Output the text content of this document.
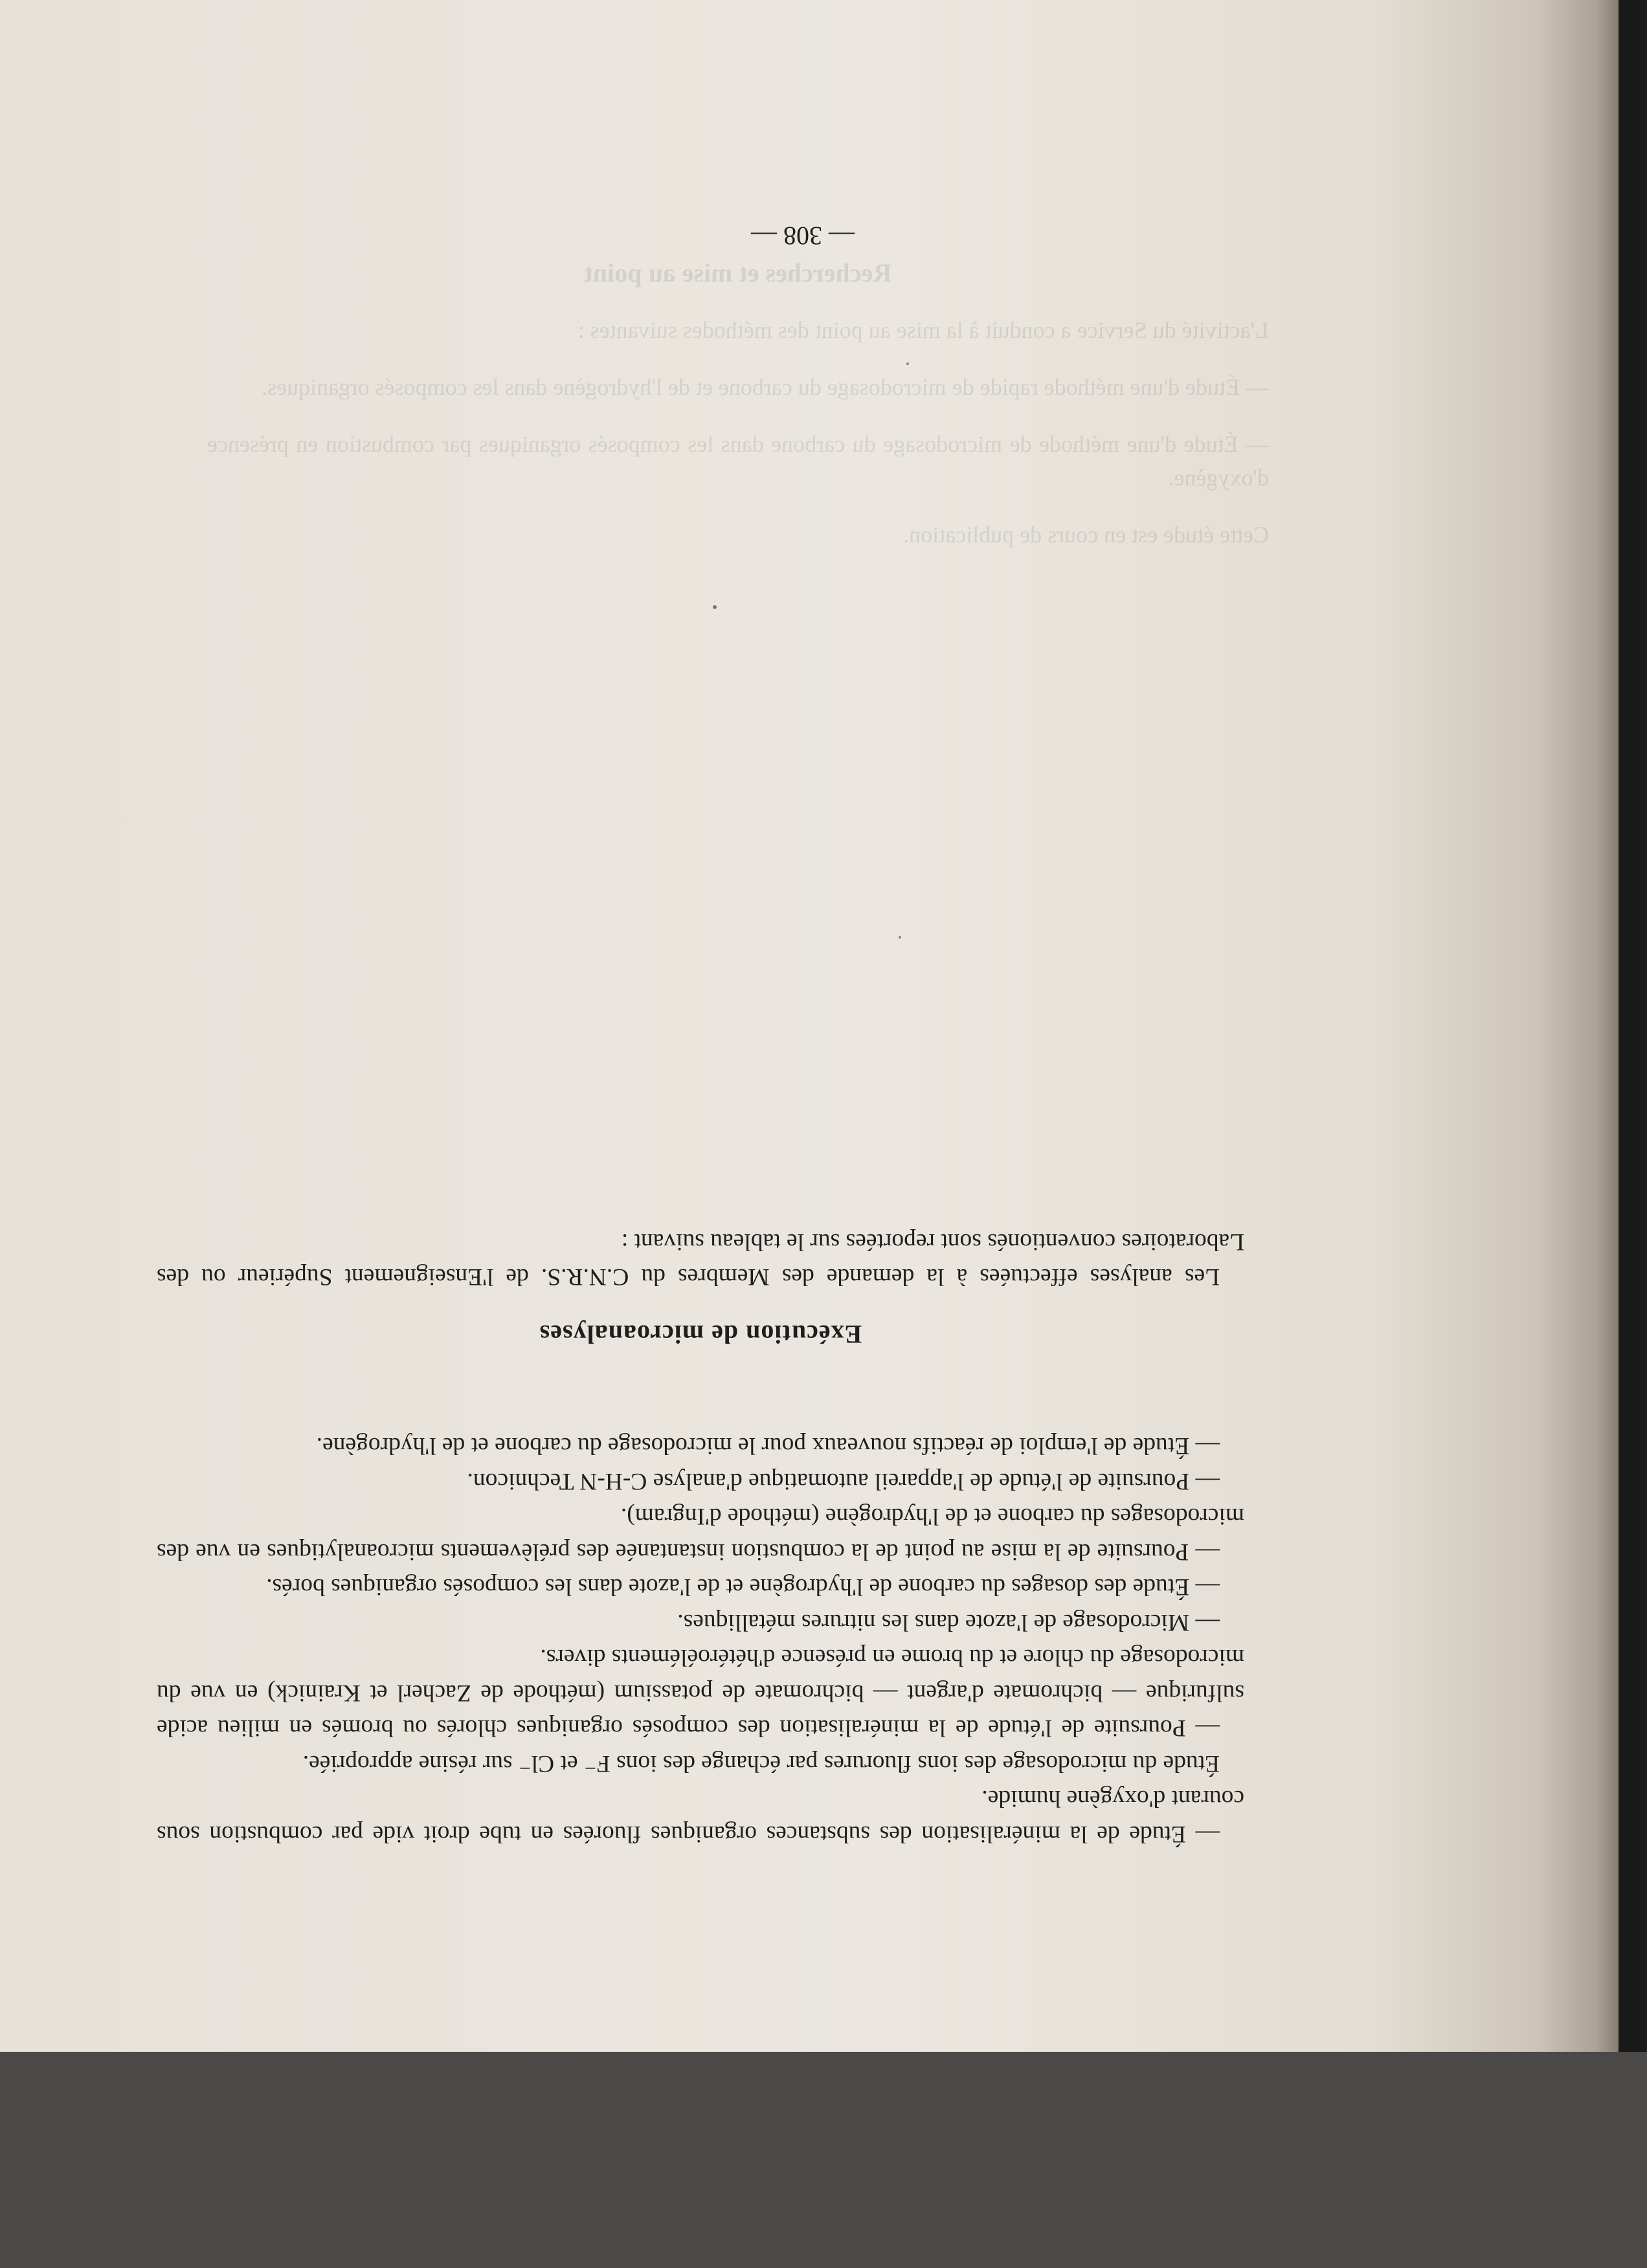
Recherches et mise au point

L'activité du Service a conduit à la mise au point des méthodes suivantes :

— Étude d'une méthode rapide de microdosage du carbone et de l'hydrogène dans les composés organiques.

— Étude d'une méthode de microdosage du carbone dans les composés organiques par combustion en présence d'oxygène.

Cette étude est en cours de publication.

— Étude de la minéralisation des substances organiques fluorées en tube droit vide par combustion sous courant d'oxygène humide.

Étude du microdosage des ions fluorures par échange des ions F⁻ et Cl⁻ sur résine appropriée.

— Poursuite de l'étude de la minéralisation des composés organiques chlorés ou bromés en milieu acide sulfurique — bichromate d'argent — bichromate de potassium (méthode de Zacherl et Krainick) en vue du microdosage du chlore et du brome en présence d'hétéroéléments divers.

— Microdosage de l'azote dans les nitrures métalliques.

— Étude des dosages du carbone de l'hydrogène et de l'azote dans les composés organiques borés.

— Poursuite de la mise au point de la combustion instantanée des prélèvements microanalytiques en vue des microdosages du carbone et de l'hydrogène (méthode d'Ingram).

— Poursuite de l'étude de l'appareil automatique d'analyse C-H-N Technicon.

— Étude de l'emploi de réactifs nouveaux pour le microdosage du carbone et de l'hydrogène.

Exécution de microanalyses

Les analyses effectuées à la demande des Membres du C.N.R.S. de l'Enseignement Supérieur ou des Laboratoires conventionés sont reportées sur le tableau suivant :

— 308 —
